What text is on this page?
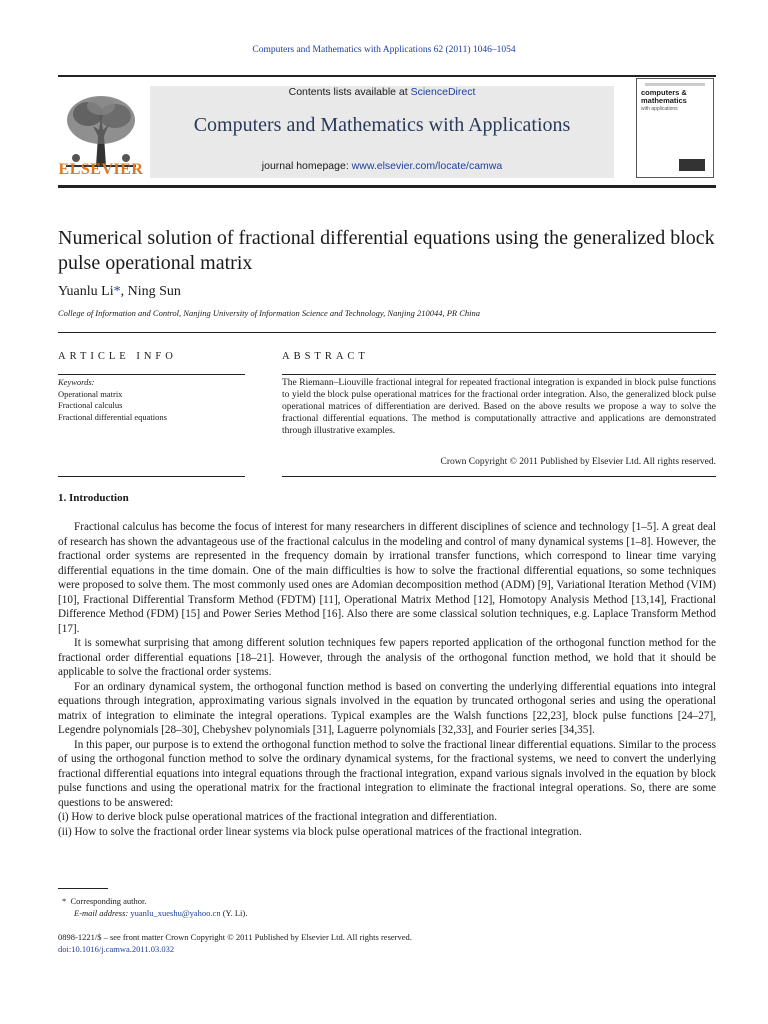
Computers and Mathematics with Applications 62 (2011) 1046–1054
ELSEVIER
Contents lists available at ScienceDirect
Computers and Mathematics with Applications
journal homepage: www.elsevier.com/locate/camwa
computers & mathematics
with applications
Numerical solution of fractional differential equations using the generalized block pulse operational matrix
Yuanlu Li*, Ning Sun
College of Information and Control, Nanjing University of Information Science and Technology, Nanjing 210044, PR China
ARTICLE INFO	ABSTRACT
Keywords:
Operational matrix
Fractional calculus
Fractional differential equations
The Riemann–Liouville fractional integral for repeated fractional integration is expanded in block pulse functions to yield the block pulse operational matrices for the fractional order integration. Also, the generalized block pulse operational matrices of differentiation are derived. Based on the above results we propose a way to solve the fractional differential equations. The method is computationally attractive and applications are demonstrated through illustrative examples.
Crown Copyright © 2011 Published by Elsevier Ltd. All rights reserved.
1. Introduction

Fractional calculus has become the focus of interest for many researchers in different disciplines of science and technology [1–5]. A great deal of research has shown the advantageous use of the fractional calculus in the modeling and control of many dynamical systems [1–8]. However, the fractional order systems are represented in the frequency domain by irrational transfer functions, which correspond to linear time varying differential equations in the time domain. One of the main difficulties is how to solve the fractional differential equations, so some techniques were proposed to solve them. The most commonly used ones are Adomian decomposition method (ADM) [9], Variational Iteration Method (VIM) [10], Fractional Differential Transform Method (FDTM) [11], Operational Matrix Method [12], Homotopy Analysis Method [13,14], Fractional Difference Method (FDM) [15] and Power Series Method [16]. Also there are some classical solution techniques, e.g. Laplace Transform Method [17].

It is somewhat surprising that among different solution techniques few papers reported application of the orthogonal function method for the fractional order differential equations [18–21]. However, through the analysis of the orthogonal function method, we hold that it should be applicable to solve the fractional order systems.

For an ordinary dynamical system, the orthogonal function method is based on converting the underlying differential equations into integral equations through integration, approximating various signals involved in the equation by truncated orthogonal series and using the operational matrix of integration to eliminate the integral operations. Typical examples are the Walsh functions [22,23], block pulse functions [24–27], Legendre polynomials [28–30], Chebyshev polynomials [31], Laguerre polynomials [32,33], and Fourier series [34,35].

In this paper, our purpose is to extend the orthogonal function method to solve the fractional linear differential equations. Similar to the process of using the orthogonal function method to solve the ordinary dynamical systems, for the fractional systems, we need to convert the underlying fractional differential equations into integral equations through the fractional integration, expand various signals involved in the equation by block pulse functions and using the operational matrix for the fractional integration to eliminate the fractional integral operations. So, there are some questions to be answered:

(i) How to derive block pulse operational matrices of the fractional integration and differentiation.
(ii) How to solve the fractional order linear systems via block pulse operational matrices of the fractional integration.
* Corresponding author.
E-mail address: yuanlu_xueshu@yahoo.cn (Y. Li).
0898-1221/$ – see front matter Crown Copyright © 2011 Published by Elsevier Ltd. All rights reserved.
doi:10.1016/j.camwa.2011.03.032
